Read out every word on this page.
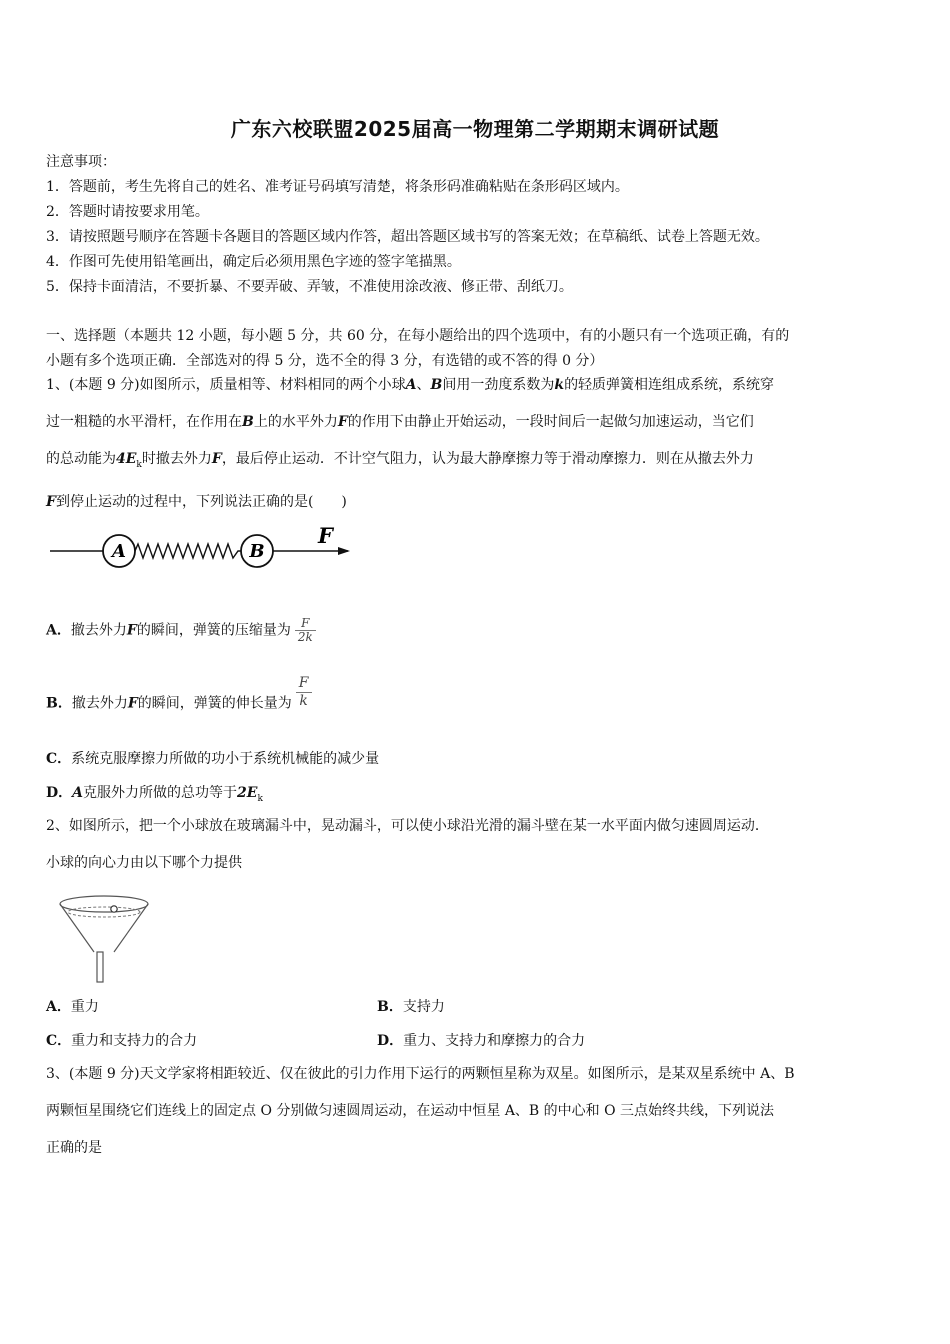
广东六校联盟2025届高一物理第二学期期末调研试题
注意事项：
1．答题前，考生先将自己的姓名、准考证号码填写清楚，将条形码准确粘贴在条形码区域内。
2．答题时请按要求用笔。
3．请按照题号顺序在答题卡各题目的答题区域内作答，超出答题区域书写的答案无效；在草稿纸、试卷上答题无效。
4．作图可先使用铅笔画出，确定后必须用黑色字迹的签字笔描黑。
5．保持卡面清洁，不要折暴、不要弄破、弄皱，不准使用涂改液、修正带、刮纸刀。
一、选择题（本题共 12 小题，每小题 5 分，共 60 分，在每小题给出的四个选项中，有的小题只有一个选项正确，有的
小题有多个选项正确．全部选对的得 5 分，选不全的得 3 分，有选错的或不答的得 0 分）
1、(本题 9 分)如图所示，质量相等、材料相同的两个小球A、B间用一劲度系数为k的轻质弹簧相连组成系统，系统穿
过一粗糙的水平滑杆，在作用在B上的水平外力F的作用下由静止开始运动，一段时间后一起做匀加速运动，当它们
的总动能为$4E_k$时撤去外力F，最后停止运动．不计空气阻力，认为最大静摩擦力等于滑动摩擦力．则在从撤去外力
F到停止运动的过程中，下列说法正确的是(　　)
A	B
F
A．撤去外力F的瞬间，弹簧的压缩量为 $\frac{F}{2k}$
B．撤去外力F的瞬间，弹簧的伸长量为 $\frac{F}{k}$
C．系统克服摩擦力所做的功小于系统机械能的减少量
D．A克服外力所做的总功等于$2E_k$
2、如图所示，把一个小球放在玻璃漏斗中，晃动漏斗，可以使小球沿光滑的漏斗壁在某一水平面内做匀速圆周运动．
小球的向心力由以下哪个力提供
A．重力	B．支持力
C．重力和支持力的合力	D．重力、支持力和摩擦力的合力
3、(本题 9 分)天文学家将相距较近、仅在彼此的引力作用下运行的两颗恒星称为双星。如图所示，是某双星系统中 A、B
两颗恒星围绕它们连线上的固定点 O 分别做匀速圆周运动，在运动中恒星 A、B 的中心和 O 三点始终共线，下列说法
正确的是
